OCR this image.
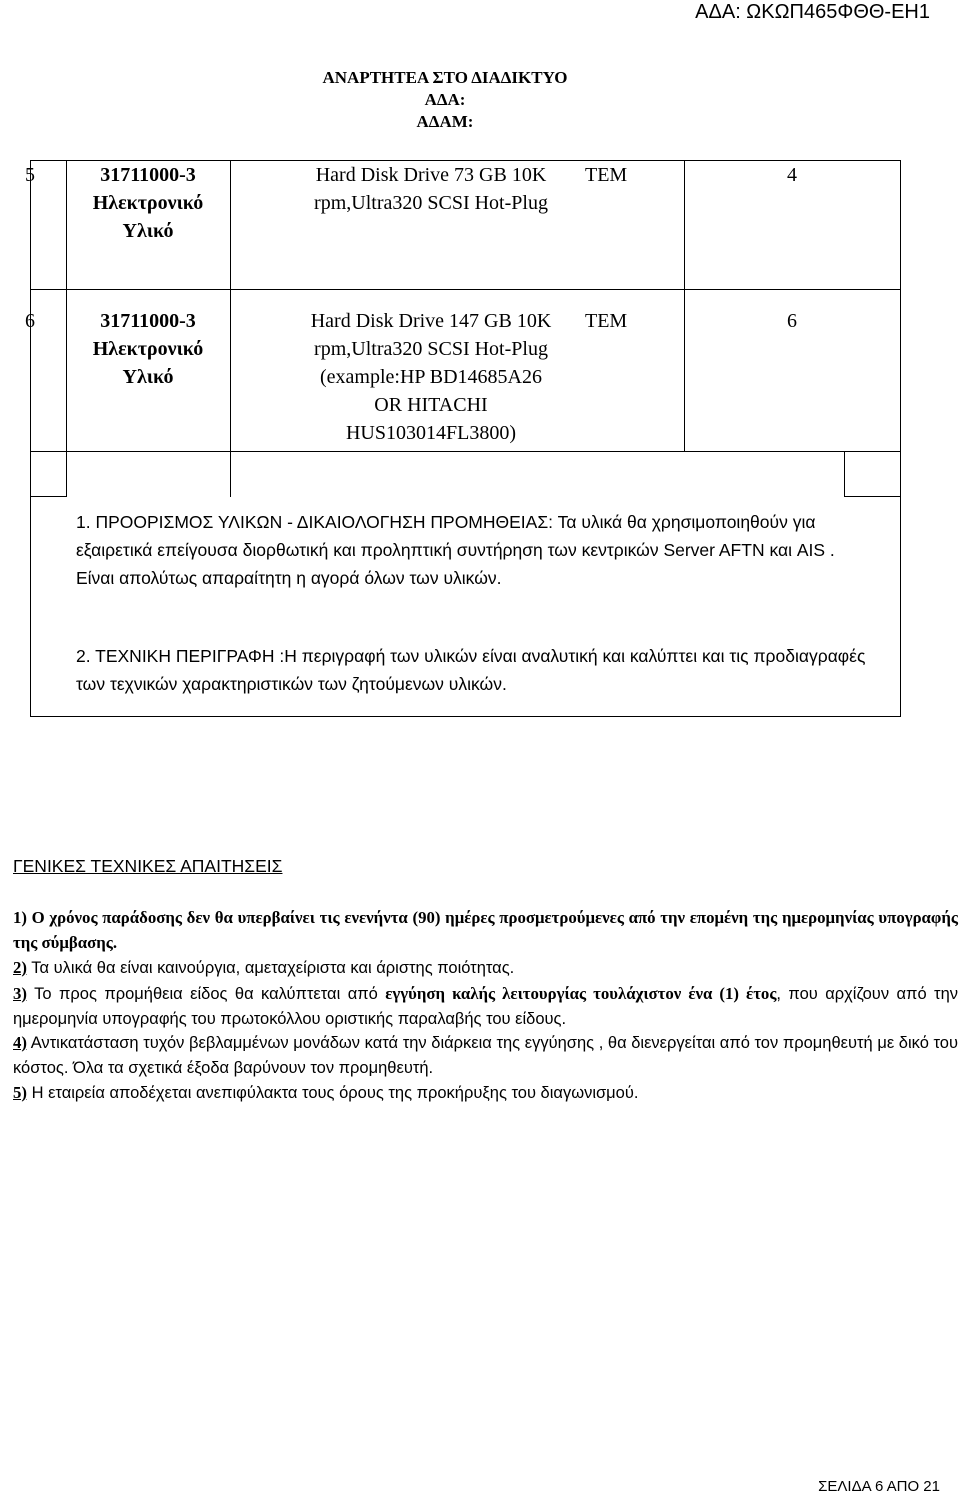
ΑΔΑ: ΩΚΩΠ465ΦΘΘ-ΕΗ1
ΑΝΑΡΤΗΤΕΑ ΣΤΟ ΔΙΑΔΙΚΤΥΟ
ΑΔΑ:
ΑΔΑΜ:
5	31711000-3
Ηλεκτρονικό
Υλικό
Hard Disk Drive 73 GB 10K
rpm,Ultra320 SCSI Hot-Plug
ΤΕΜ	4
6	31711000-3
Ηλεκτρονικό
Υλικό
Hard Disk Drive 147 GB 10K
rpm,Ultra320 SCSI Hot-Plug
(example:HP BD14685A26
OR HITACHI
HUS103014FL3800)
ΤΕΜ	6
1. ΠΡΟΟΡΙΣΜΟΣ ΥΛΙΚΩΝ - ΔΙΚΑΙΟΛΟΓΗΣΗ ΠΡΟΜΗΘΕΙΑΣ: Τα υλικά θα χρησιμοποιηθούν για εξαιρετικά επείγουσα διορθωτική και προληπτική συντήρηση των κεντρικών Server AFTN και AIS . Είναι απολύτως απαραίτητη η αγορά όλων των υλικών.
2. ΤΕΧΝΙΚΗ ΠΕΡΙΓΡΑΦΗ :Η περιγραφή των υλικών είναι αναλυτική και καλύπτει και τις προδιαγραφές των τεχνικών χαρακτηριστικών των ζητούμενων υλικών.
ΓΕΝΙΚΕΣ ΤΕΧΝΙΚΕΣ ΑΠΑΙΤΗΣΕΙΣ
1) Ο χρόνος παράδοσης δεν θα υπερβαίνει τις ενενήντα (90) ημέρες προσμετρούμενες από την επομένη της ημερομηνίας υπογραφής της σύμβασης.
2) Τα υλικά θα είναι καινούργια, αμεταχείριστα και άριστης ποιότητας.
3) Το προς προμήθεια είδος θα καλύπτεται από εγγύηση καλής λειτουργίας τουλάχιστον ένα (1) έτος, που αρχίζουν από την ημερομηνία υπογραφής του πρωτοκόλλου οριστικής παραλαβής του είδους.
4) Αντικατάσταση τυχόν βεβλαμμένων μονάδων κατά την διάρκεια της εγγύησης , θα διενεργείται από τον προμηθευτή με δικό του κόστος. Όλα τα σχετικά έξοδα βαρύνουν τον προμηθευτή.
5) Η εταιρεία αποδέχεται ανεπιφύλακτα τους όρους της προκήρυξης του διαγωνισμού.
ΣΕΛΙΔΑ 6 ΑΠΟ 21
